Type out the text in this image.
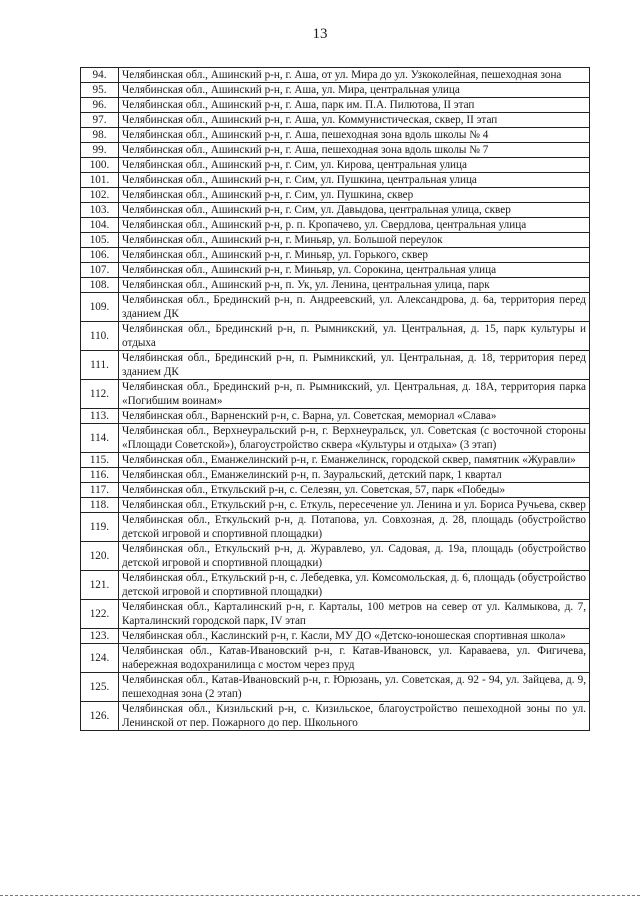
13
94.	Челябинская обл., Ашинский р-н, г. Аша, от ул. Мира до ул. Узкоколейная, пешеходная зона
95.	Челябинская обл., Ашинский р-н, г. Аша, ул. Мира, центральная улица
96.	Челябинская обл., Ашинский р-н, г. Аша, парк им. П.А. Пилютова, II этап
97.	Челябинская обл., Ашинский р-н, г. Аша, ул. Коммунистическая, сквер, II этап
98.	Челябинская обл., Ашинский р-н, г. Аша, пешеходная зона вдоль школы № 4
99.	Челябинская обл., Ашинский р-н, г. Аша, пешеходная зона вдоль школы № 7
100.	Челябинская обл., Ашинский р-н, г. Сим, ул. Кирова, центральная улица
101.	Челябинская обл., Ашинский р-н, г. Сим, ул. Пушкина, центральная улица
102.	Челябинская обл., Ашинский р-н, г. Сим, ул. Пушкина, сквер
103.	Челябинская обл., Ашинский р-н, г. Сим, ул. Давыдова, центральная улица, сквер
104.	Челябинская обл., Ашинский р-н, р. п. Кропачево, ул. Свердлова, центральная улица
105.	Челябинская обл., Ашинский р-н, г. Миньяр, ул. Большой переулок
106.	Челябинская обл., Ашинский р-н, г. Миньяр, ул. Горького, сквер
107.	Челябинская обл., Ашинский р-н, г. Миньяр, ул. Сорокина, центральная улица
108.	Челябинская обл., Ашинский р-н, п. Ук, ул. Ленина, центральная улица, парк
109.	Челябинская обл., Брединский р-н, п. Андреевский, ул. Александрова, д. 6а, территория перед зданием ДК
110.	Челябинская обл., Брединский р-н, п. Рымникский, ул. Центральная, д. 15, парк культуры и отдыха
111.	Челябинская обл., Брединский р-н, п. Рымникский, ул. Центральная, д. 18, территория перед зданием ДК
112.	Челябинская обл., Брединский р-н, п. Рымникский, ул. Центральная, д. 18А, территория парка «Погибшим воинам»
113.	Челябинская обл., Варненский р-н, с. Варна, ул. Советская, мемориал «Слава»
114.	Челябинская обл., Верхнеуральский р-н, г. Верхнеуральск, ул. Советская (с восточной стороны «Площади Советской»), благоустройство сквера «Культуры и отдыха» (3 этап)
115.	Челябинская обл., Еманжелинский р-н, г. Еманжелинск, городской сквер, памятник «Журавли»
116.	Челябинская обл., Еманжелинский р-н, п. Зауральский, детский парк, 1 квартал
117.	Челябинская обл., Еткульский р-н, с. Селезян, ул. Советская, 57, парк «Победы»
118.	Челябинская обл., Еткульский р-н, с. Еткуль, пересечение ул. Ленина и ул. Бориса Ручьева, сквер
119.	Челябинская обл., Еткульский р-н, д. Потапова, ул. Совхозная, д. 28, площадь (обустройство детской игровой и спортивной площадки)
120.	Челябинская обл., Еткульский р-н, д. Журавлево, ул. Садовая, д. 19а, площадь (обустройство детской игровой и спортивной площадки)
121.	Челябинская обл., Еткульский р-н, с. Лебедевка, ул. Комсомольская, д. 6, площадь (обустройство детской игровой и спортивной площадки)
122.	Челябинская обл., Карталинский р-н, г. Карталы, 100 метров на север от ул. Калмыкова, д. 7, Карталинский городской парк, IV этап
123.	Челябинская обл., Каслинский р-н, г. Касли, МУ ДО «Детско-юношеская спортивная школа»
124.	Челябинская обл., Катав-Ивановский р-н, г. Катав-Ивановск, ул. Караваева, ул. Фигичева, набережная водохранилища с мостом через пруд
125.	Челябинская обл., Катав-Ивановский р-н, г. Юрюзань, ул. Советская, д. 92 - 94, ул. Зайцева, д. 9, пешеходная зона (2 этап)
126.	Челябинская обл., Кизильский р-н, с. Кизильское, благоустройство пешеходной зоны по ул. Ленинской от пер. Пожарного до пер. Школьного
